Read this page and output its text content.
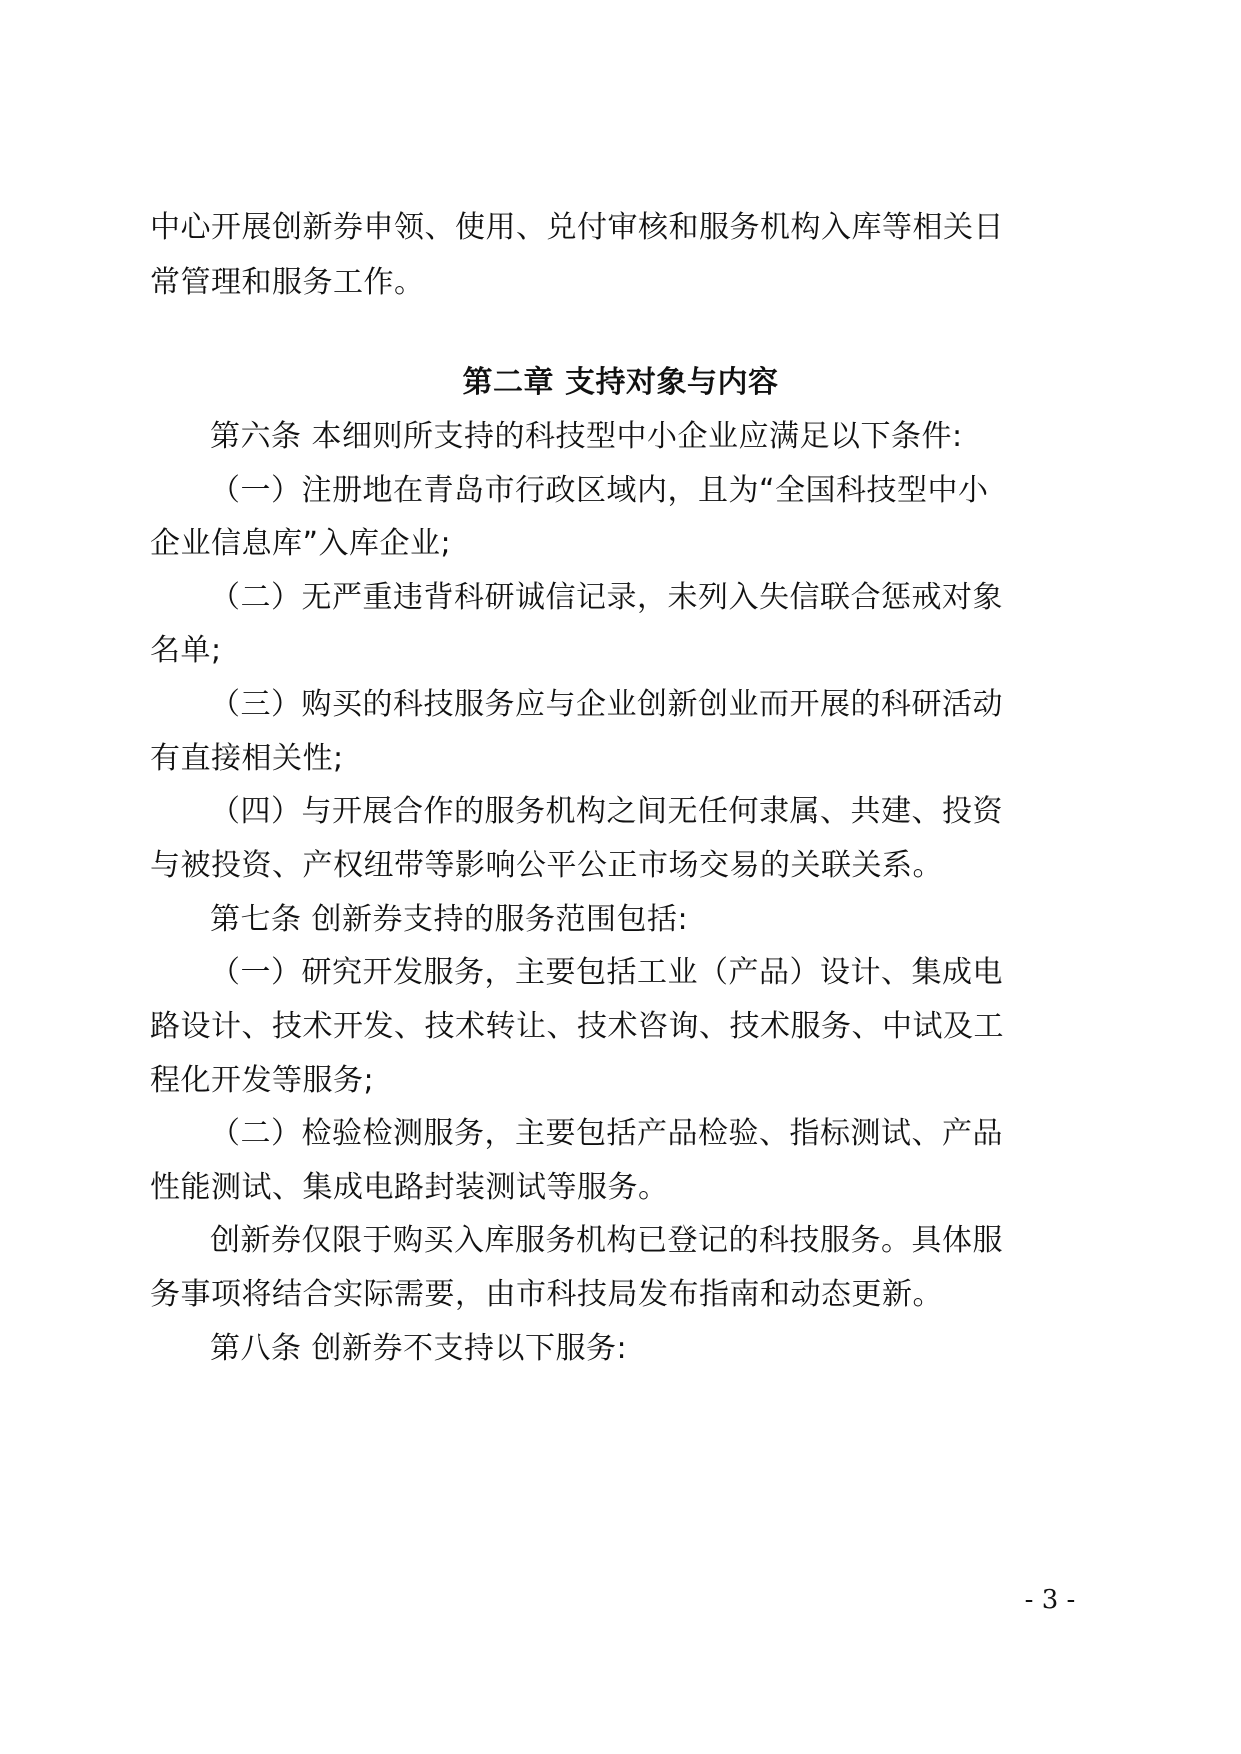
中心开展创新券申领、使用、兑付审核和服务机构入库等相关日
常管理和服务工作。
第二章 支持对象与内容
第六条 本细则所支持的科技型中小企业应满足以下条件:
（一）注册地在青岛市行政区域内，且为“全国科技型中小
企业信息库”入库企业;
（二）无严重违背科研诚信记录，未列入失信联合惩戒对象
名单;
（三）购买的科技服务应与企业创新创业而开展的科研活动
有直接相关性;
（四）与开展合作的服务机构之间无任何隶属、共建、投资
与被投资、产权纽带等影响公平公正市场交易的关联关系。
第七条 创新券支持的服务范围包括:
（一）研究开发服务，主要包括工业（产品）设计、集成电
路设计、技术开发、技术转让、技术咨询、技术服务、中试及工
程化开发等服务;
（二）检验检测服务，主要包括产品检验、指标测试、产品
性能测试、集成电路封装测试等服务。
创新券仅限于购买入库服务机构已登记的科技服务。具体服
务事项将结合实际需要，由市科技局发布指南和动态更新。
第八条 创新券不支持以下服务:
- 3 -
